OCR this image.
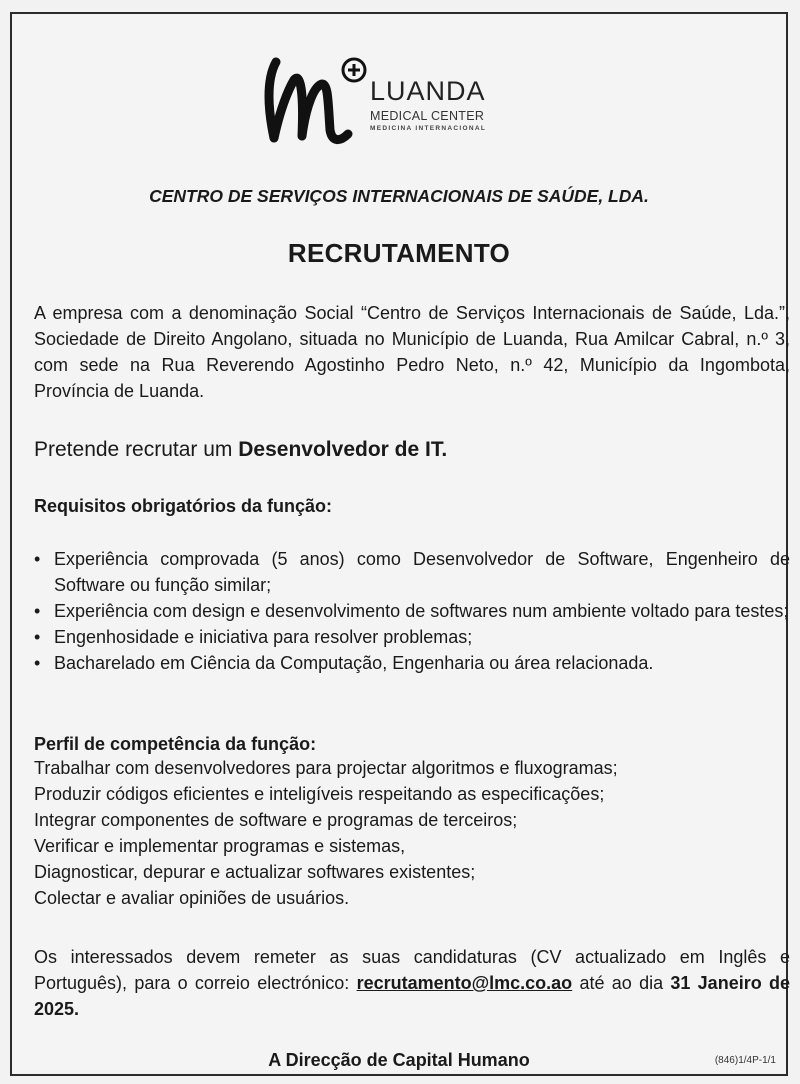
LUANDA
MEDICAL CENTER
MEDICINA INTERNACIONAL
CENTRO DE SERVIÇOS INTERNACIONAIS DE SAÚDE, LDA.
RECRUTAMENTO
A empresa com a denominação Social “Centro de Serviços Internacionais de Saúde, Lda.”, Sociedade de Direito Angolano, situada no Município de Luanda, Rua Amilcar Cabral, n.º 3, com sede na Rua Reverendo Agostinho Pedro Neto, n.º 42, Município da Ingombota, Província de Luanda.
Pretende recrutar um Desenvolvedor de IT.
Requisitos obrigatórios da função:
• Experiência comprovada (5 anos) como Desenvolvedor de Software, Engenheiro de Software ou função similar;
• Experiência com design e desenvolvimento de softwares num ambiente voltado para testes;
• Engenhosidade e iniciativa para resolver problemas;
• Bacharelado em Ciência da Computação, Engenharia ou área relacionada.
Perfil de competência da função:
Trabalhar com desenvolvedores para projectar algoritmos e fluxogramas;
Produzir códigos eficientes e inteligíveis respeitando as especificações;
Integrar componentes de software e programas de terceiros;
Verificar e implementar programas e sistemas,
Diagnosticar, depurar e actualizar softwares existentes;
Colectar e avaliar opiniões de usuários.
Os interessados devem remeter as suas candidaturas (CV actualizado em Inglês e Português), para o correio electrónico: recrutamento@lmc.co.ao até ao dia 31 Janeiro de 2025.
A Direcção de Capital Humano	(846)1/4P-1/1
